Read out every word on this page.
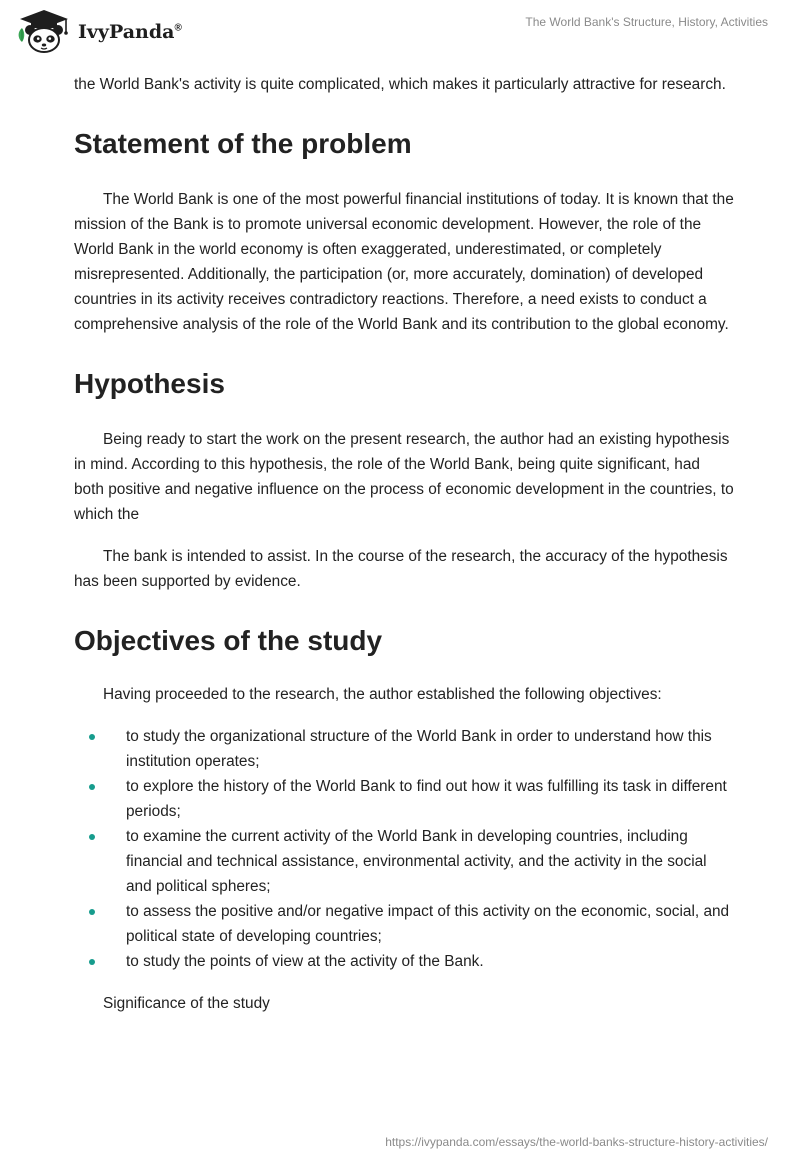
IvyPanda®	The World Bank's Structure, History, Activities

the World Bank's activity is quite complicated, which makes it particularly attractive for research.

Statement of the problem

The World Bank is one of the most powerful financial institutions of today. It is known that the mission of the Bank is to promote universal economic development. However, the role of the World Bank in the world economy is often exaggerated, underestimated, or completely misrepresented. Additionally, the participation (or, more accurately, domination) of developed countries in its activity receives contradictory reactions. Therefore, a need exists to conduct a comprehensive analysis of the role of the World Bank and its contribution to the global economy.

Hypothesis

Being ready to start the work on the present research, the author had an existing hypothesis in mind. According to this hypothesis, the role of the World Bank, being quite significant, had both positive and negative influence on the process of economic development in the countries, to which the

The bank is intended to assist. In the course of the research, the accuracy of the hypothesis has been supported by evidence.

Objectives of the study

Having proceeded to the research, the author established the following objectives:

to study the organizational structure of the World Bank in order to understand how this institution operates;
to explore the history of the World Bank to find out how it was fulfilling its task in different periods;
to examine the current activity of the World Bank in developing countries, including financial and technical assistance, environmental activity, and the activity in the social and political spheres;
to assess the positive and/or negative impact of this activity on the economic, social, and political state of developing countries;
to study the points of view at the activity of the Bank.

Significance of the study

https://ivypanda.com/essays/the-world-banks-structure-history-activities/
